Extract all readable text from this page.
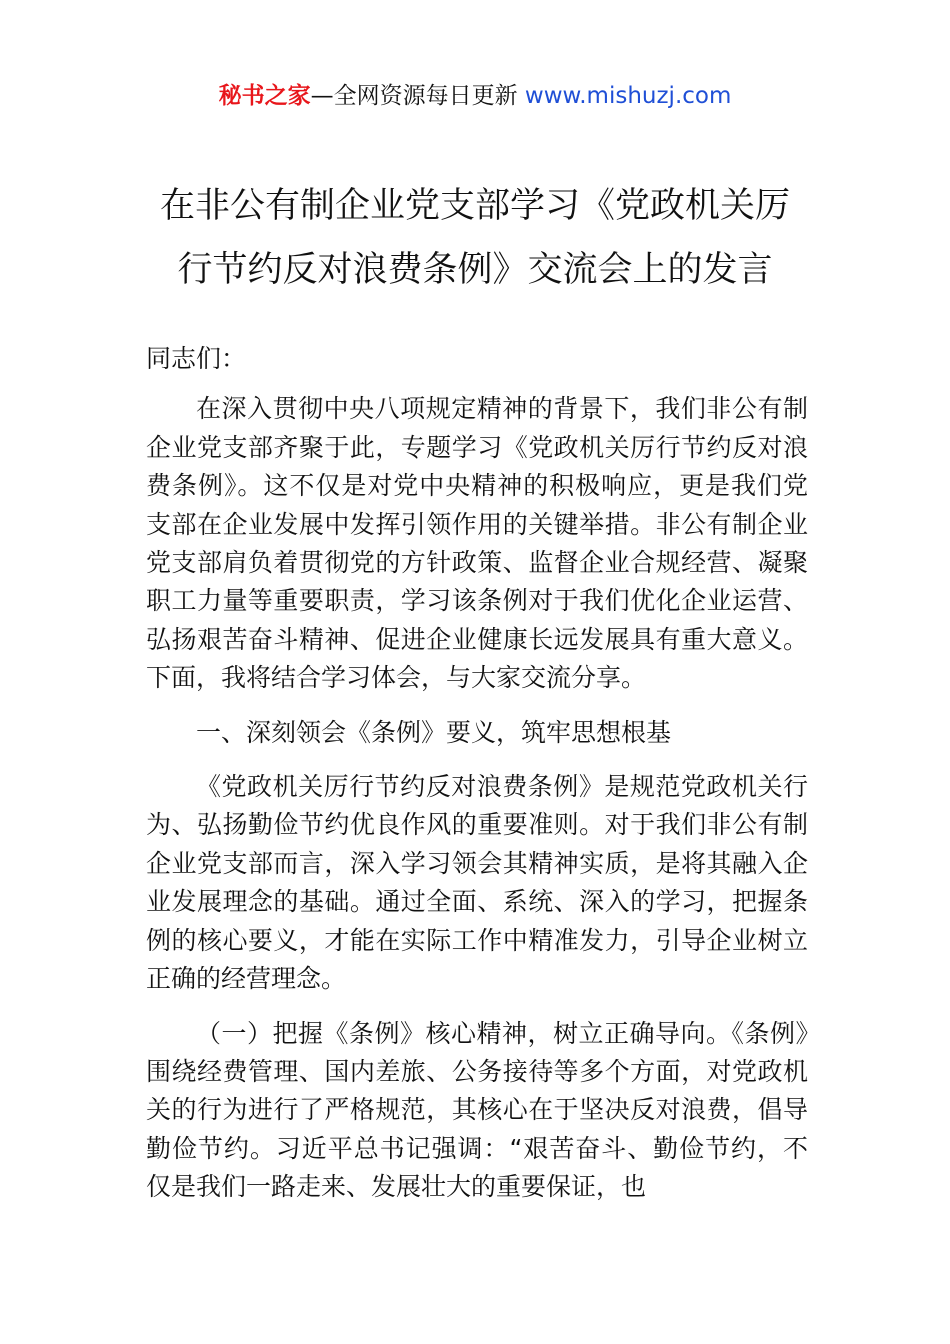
秘书之家—全网资源每日更新 www.mishuzj.com
在非公有制企业党支部学习《党政机关厉
行节约反对浪费条例》交流会上的发言

同志们：

在深入贯彻中央八项规定精神的背景下，我们非公有制企业党支部齐聚于此，专题学习《党政机关厉行节约反对浪费条例》。这不仅是对党中央精神的积极响应，更是我们党支部在企业发展中发挥引领作用的关键举措。非公有制企业党支部肩负着贯彻党的方针政策、监督企业合规经营、凝聚职工力量等重要职责，学习该条例对于我们优化企业运营、弘扬艰苦奋斗精神、促进企业健康长远发展具有重大意义。下面，我将结合学习体会，与大家交流分享。

一、深刻领会《条例》要义，筑牢思想根基

《党政机关厉行节约反对浪费条例》是规范党政机关行为、弘扬勤俭节约优良作风的重要准则。对于我们非公有制企业党支部而言，深入学习领会其精神实质，是将其融入企业发展理念的基础。通过全面、系统、深入的学习，把握条例的核心要义，才能在实际工作中精准发力，引导企业树立正确的经营理念。

（一）把握《条例》核心精神，树立正确导向。《条例》围绕经费管理、国内差旅、公务接待等多个方面，对党政机关的行为进行了严格规范，其核心在于坚决反对浪费，倡导勤俭节约。习近平总书记强调：“艰苦奋斗、勤俭节约，不仅是我们一路走来、发展壮大的重要保证，也
